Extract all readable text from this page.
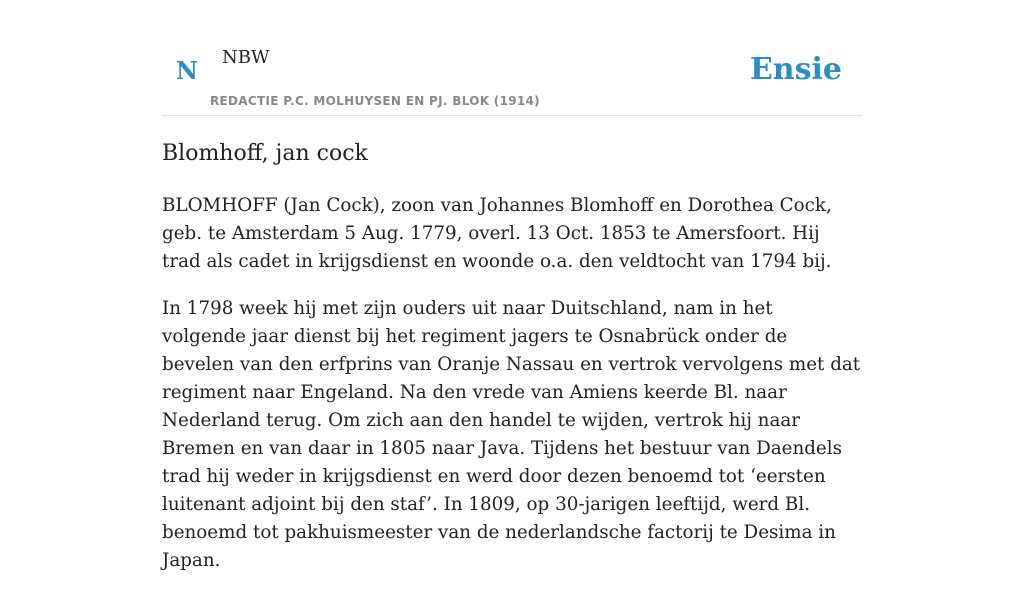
N NBW
REDACTIE P.C. MOLHUYSEN EN PJ. BLOK (1914)
Ensie
Blomhoff, jan cock

BLOMHOFF (Jan Cock), zoon van Johannes Blomhoff en Dorothea Cock, geb. te Amsterdam 5 Aug. 1779, overl. 13 Oct. 1853 te Amersfoort. Hij trad als cadet in krijgsdienst en woonde o.a. den veldtocht van 1794 bij.

In 1798 week hij met zijn ouders uit naar Duitschland, nam in het volgende jaar dienst bij het regiment jagers te Osnabrück onder de bevelen van den erfprins van Oranje Nassau en vertrok vervolgens met dat regiment naar Engeland. Na den vrede van Amiens keerde Bl. naar Nederland terug. Om zich aan den handel te wijden, vertrok hij naar Bremen en van daar in 1805 naar Java. Tijdens het bestuur van Daendels trad hij weder in krijgsdienst en werd door dezen benoemd tot ‘eersten luitenant adjoint bij den staf’. In 1809, op 30-jarigen leeftijd, werd Bl. benoemd tot pakhuismeester van de nederlandsche factorij te Desima in Japan.
